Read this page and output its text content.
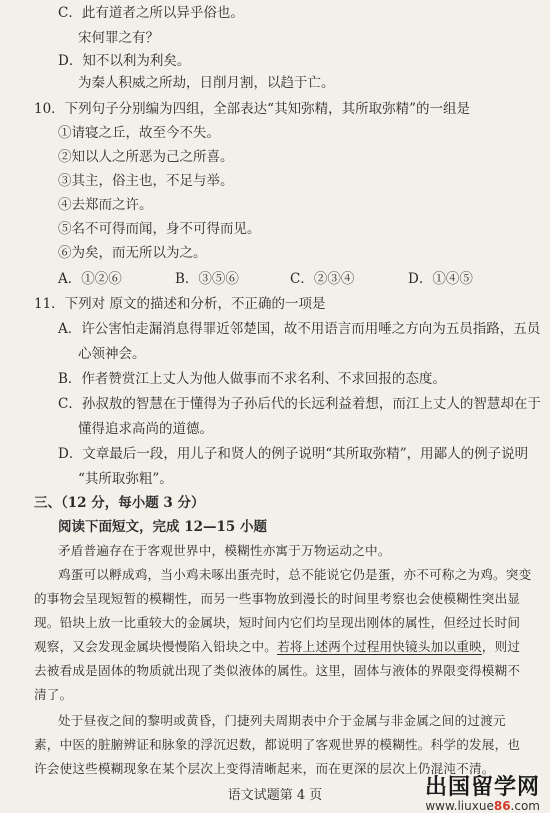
C．此有道者之所以异乎俗也。
宋何罪之有？
D．知不以利为利矣。
为秦人积威之所劫，日削月割，以趋于亡。
10．下列句子分别编为四组，全部表达“其知弥精，其所取弥精”的一组是
①请寝之丘，故至今不失。
②知以人之所恶为己之所喜。
③其主，俗主也，不足与举。
④去郑而之许。
⑤名不可得而闻，身不可得而见。
⑥为矣，而无所以为之。
A．①②⑥	B．③⑤⑥	C．②③④	D．①④⑤
11．下列对 原文的描述和分析，不正确的一项是
A．许公害怕走漏消息得罪近邻楚国，故不用语言而用唾之方向为五员指路，五员
心领神会。
B．作者赞赏江上丈人为他人做事而不求名利、不求回报的态度。
C．孙叔敖的智慧在于懂得为子孙后代的长远利益着想，而江上丈人的智慧却在于
懂得追求高尚的道德。
D．文章最后一段，用儿子和贤人的例子说明“其所取弥精”，用鄙人的例子说明
“其所取弥粗”。
三、（12 分，每小题 3 分）
阅读下面短文，完成 12—15 小题
矛盾普遍存在于客观世界中，模糊性亦寓于万物运动之中。
鸡蛋可以孵成鸡，当小鸡未啄出蛋壳时，总不能说它仍是蛋，亦不可称之为鸡。突变
的事物会呈现短暂的模糊性，而另一些事物放到漫长的时间里考察也会使模糊性突出显
现。铅块上放一比重较大的金属块，短时间内它们均呈现出刚体的属性，但经过长时间
观察，又会发现金属块慢慢陷入铅块之中。若将上述两个过程用快镜头加以重映，则过
去被看成是固体的物质就出现了类似液体的属性。这里，固体与液体的界限变得模糊不
清了。
处于昼夜之间的黎明或黄昏，门捷列夫周期表中介于金属与非金属之间的过渡元
素，中医的脏腑辨证和脉象的浮沉迟数，都说明了客观世界的模糊性。科学的发展，也
许会使这些模糊现象在某个层次上变得清晰起来，而在更深的层次上仍混沌不清。
语文试题第 4 页	出国留学网
www.liuxue86.com
